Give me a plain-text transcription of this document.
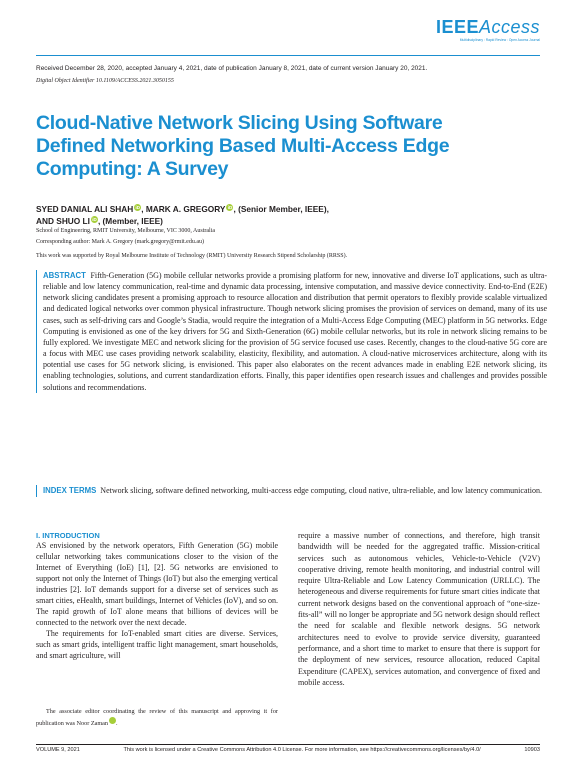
IEEEAccess
Multidisciplinary : Rapid Review : Open Access Journal
Received December 28, 2020, accepted January 4, 2021, date of publication January 8, 2021, date of current version January 20, 2021.
Digital Object Identifier 10.1109/ACCESS.2021.3050155
Cloud-Native Network Slicing Using Software Defined Networking Based Multi-Access Edge Computing: A Survey
SYED DANIAL ALI SHAH iD, MARK A. GREGORY iD, (Senior Member, IEEE),
AND SHUO LI iD, (Member, IEEE)
School of Engineering, RMIT University, Melbourne, VIC 3000, Australia
Corresponding author: Mark A. Gregory (mark.gregory@rmit.edu.au)
This work was supported by Royal Melbourne Institute of Technology (RMIT) University Research Stipend Scholarship (RRSS).

ABSTRACT Fifth-Generation (5G) mobile cellular networks provide a promising platform for new, innovative and diverse IoT applications, such as ultra-reliable and low latency communication, real-time and dynamic data processing, intensive computation, and massive device connectivity. End-to-End (E2E) network slicing candidates present a promising approach to resource allocation and distribution that permit operators to flexibly provide scalable virtualized and dedicated logical networks over common physical infrastructure. Though network slicing promises the provision of services on demand, many of its use cases, such as self-driving cars and Google’s Stadia, would require the integration of a Multi-Access Edge Computing (MEC) platform in 5G networks. Edge Computing is envisioned as one of the key drivers for 5G and Sixth-Generation (6G) mobile cellular networks, but its role in network slicing remains to be fully explored. We investigate MEC and network slicing for the provision of 5G service focused use cases. Recently, changes to the cloud-native 5G core are a focus with MEC use cases providing network scalability, elasticity, flexibility, and automation. A cloud-native microservices architecture, along with its potential use cases for 5G network slicing, is envisioned. This paper also elaborates on the recent advances made in enabling E2E network slicing, its enabling technologies, solutions, and current standardization efforts. Finally, this paper identifies open research issues and challenges and provides possible solutions and recommendations.

INDEX TERMS Network slicing, software defined networking, multi-access edge computing, cloud native, ultra-reliable, and low latency communication.

I. INTRODUCTION

AS envisioned by the network operators, Fifth Generation (5G) mobile cellular networking takes communications closer to the vision of the Internet of Everything (IoE) [1], [2]. 5G networks are envisioned to support not only the Internet of Things (IoT) but also the emerging vertical industries [2]. IoT demands support for a diverse set of services such as smart cities, eHealth, smart buildings, Internet of Vehicles (IoV), and so on. The rapid growth of IoT alone means that billions of devices will be connected to the network over the next decade.

The requirements for IoT-enabled smart cities are diverse. Services, such as smart grids, intelligent traffic light management, smart households, and smart agriculture, will

require a massive number of connections, and therefore, high transit bandwidth will be needed for the aggregated traffic. Mission-critical services such as autonomous vehicles, Vehicle-to-Vehicle (V2V) cooperative driving, remote health monitoring, and industrial control will require Ultra-Reliable and Low Latency Communication (URLLC). The heterogeneous and diverse requirements for future smart cities indicate that current network designs based on the conventional approach of “one-size-fits-all” will no longer be appropriate and 5G network design should reflect the need for scalable and flexible network designs. 5G network architectures need to evolve to provide service diversity, guaranteed performance, and a short time to market to ensure that there is support for the deployment of new services, resource allocation, reduced Capital Expenditure (CAPEX), services automation, and convergence of fixed and mobile access.

The associate editor coordinating the review of this manuscript and approving it for publication was Noor Zaman iD.
VOLUME 9, 2021	This work is licensed under a Creative Commons Attribution 4.0 License. For more information, see https://creativecommons.org/licenses/by/4.0/	10903
